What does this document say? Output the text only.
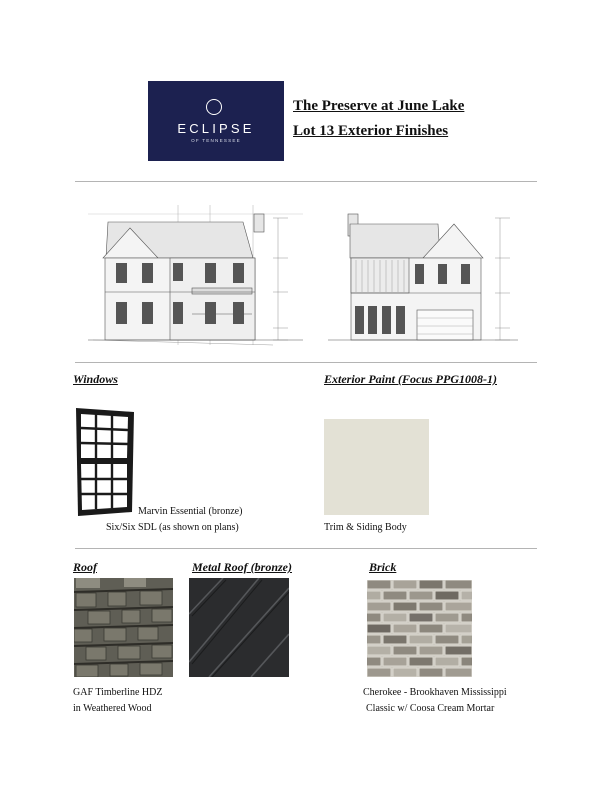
ECLIPSE
OF TENNESSEE
The Preserve at June Lake
Lot 13 Exterior Finishes
Windows
Marvin Essential (bronze)
Six/Six SDL (as shown on plans)
Exterior Paint (Focus PPG1008-1)
Trim & Siding Body
Roof
GAF Timberline HDZ
in Weathered Wood
Metal Roof (bronze)	Brick
Cherokee - Brookhaven Mississippi
Classic w/ Coosa Cream Mortar
